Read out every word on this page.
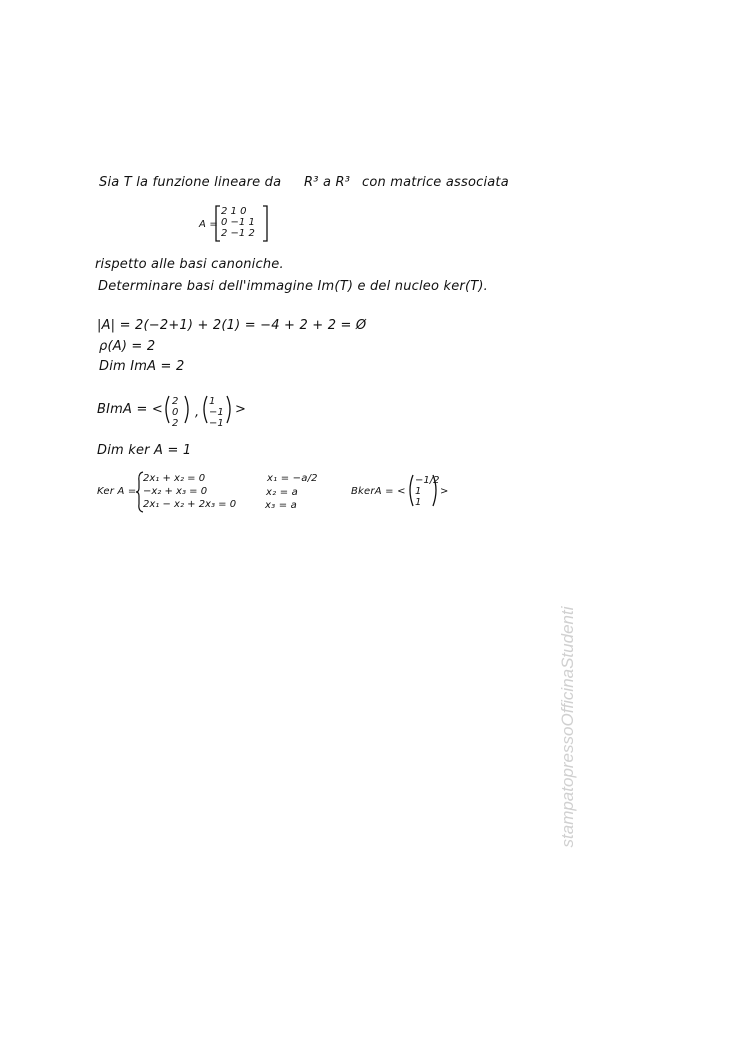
Sia T la funzione lineare da R³ a R³ con matrice associata
A =
2 1 0
0 −1 1
2 −1 2
rispetto alle basi canoniche.
Determinare basi dell'immagine Im(T) e del nucleo ker(T).
|A| = 2(−2+1) + 2(1) = −4 + 2 + 2 = Ø
ρ(A) = 2
Dim ImA = 2
BImA = <
2
0
2
,
1
−1
−1
>
Dim ker A = 1
Ker A =
2x₁ + x₂ = 0
−x₂ + x₃ = 0
2x₁ − x₂ + 2x₃ = 0
x₁ = −a/2
x₂ = a
x₃ = a
BkerA = <
−1/2
1
1
>
stampatopressoOfficinaStudenti
